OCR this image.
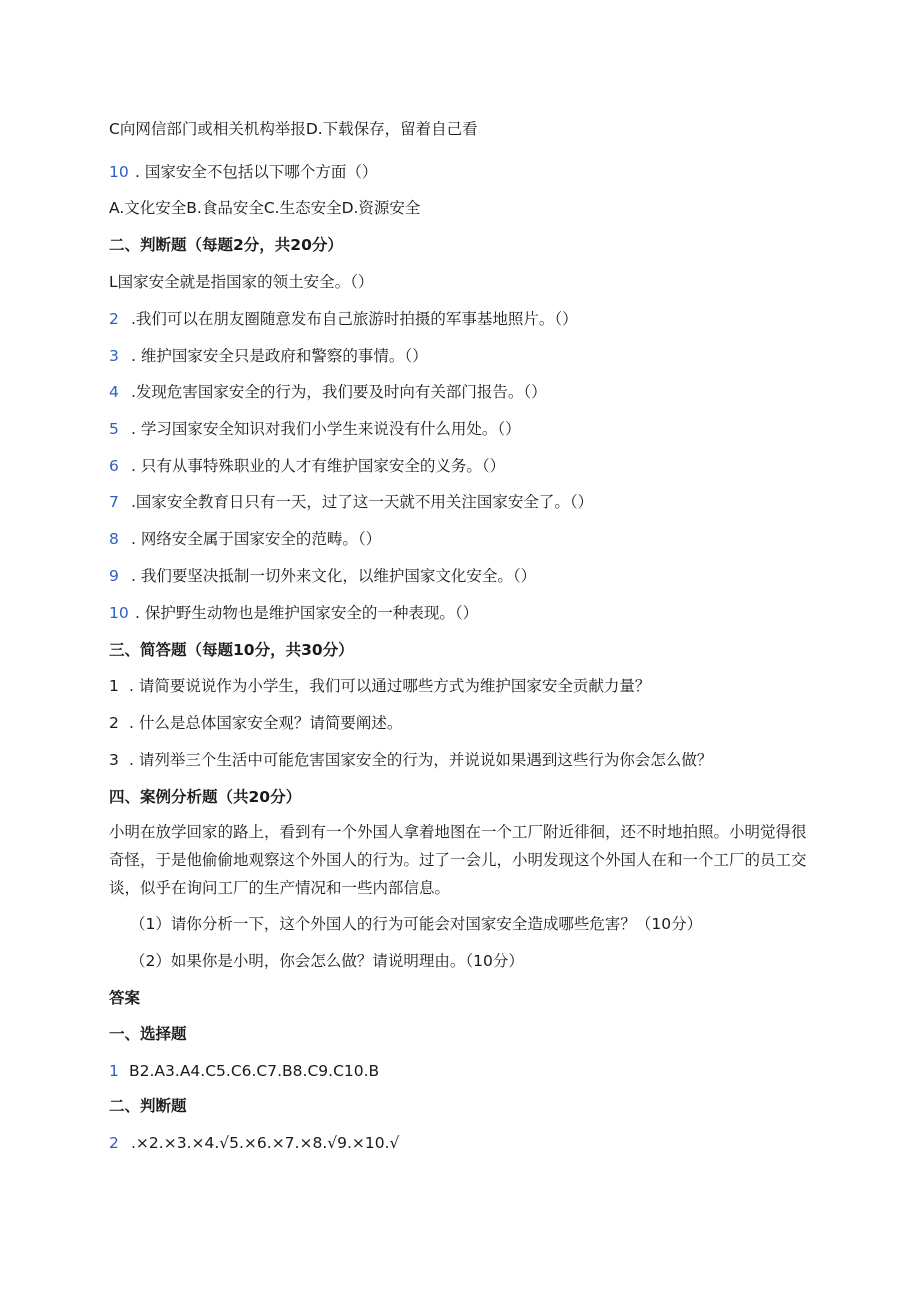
C向网信部门或相关机构举报D.下载保存，留着自己看
10 . 国家安全不包括以下哪个方面（）
A.文化安全B.食品安全C.生态安全D.资源安全
二、判断题（每题2分，共20分）
L国家安全就是指国家的领土安全。（）
2 .我们可以在朋友圈随意发布自己旅游时拍摄的军事基地照片。（）
3 . 维护国家安全只是政府和警察的事情。（）
4 .发现危害国家安全的行为，我们要及时向有关部门报告。（）
5 . 学习国家安全知识对我们小学生来说没有什么用处。（）
6 . 只有从事特殊职业的人才有维护国家安全的义务。（）
7 .国家安全教育日只有一天，过了这一天就不用关注国家安全了。（）
8 . 网络安全属于国家安全的范畴。（）
9 . 我们要坚决抵制一切外来文化，以维护国家文化安全。（）
10 . 保护野生动物也是维护国家安全的一种表现。（）
三、简答题（每题10分，共30分）
1 . 请简要说说作为小学生，我们可以通过哪些方式为维护国家安全贡献力量？
2 . 什么是总体国家安全观？请简要阐述。
3 . 请列举三个生活中可能危害国家安全的行为，并说说如果遇到这些行为你会怎么做？
四、案例分析题（共20分）
小明在放学回家的路上，看到有一个外国人拿着地图在一个工厂附近徘徊，还不时地拍照。小明觉得很奇怪，于是他偷偷地观察这个外国人的行为。过了一会儿，小明发现这个外国人在和一个工厂的员工交谈，似乎在询问工厂的生产情况和一些内部信息。
（1）请你分析一下，这个外国人的行为可能会对国家安全造成哪些危害？（10分）
（2）如果你是小明，你会怎么做？请说明理由。（10分）
答案
一、选择题
1 B2.A3.A4.C5.C6.C7.B8.C9.C10.B
二、判断题
2 .×2.×3.×4.√5.×6.×7.×8.√9.×10.√
